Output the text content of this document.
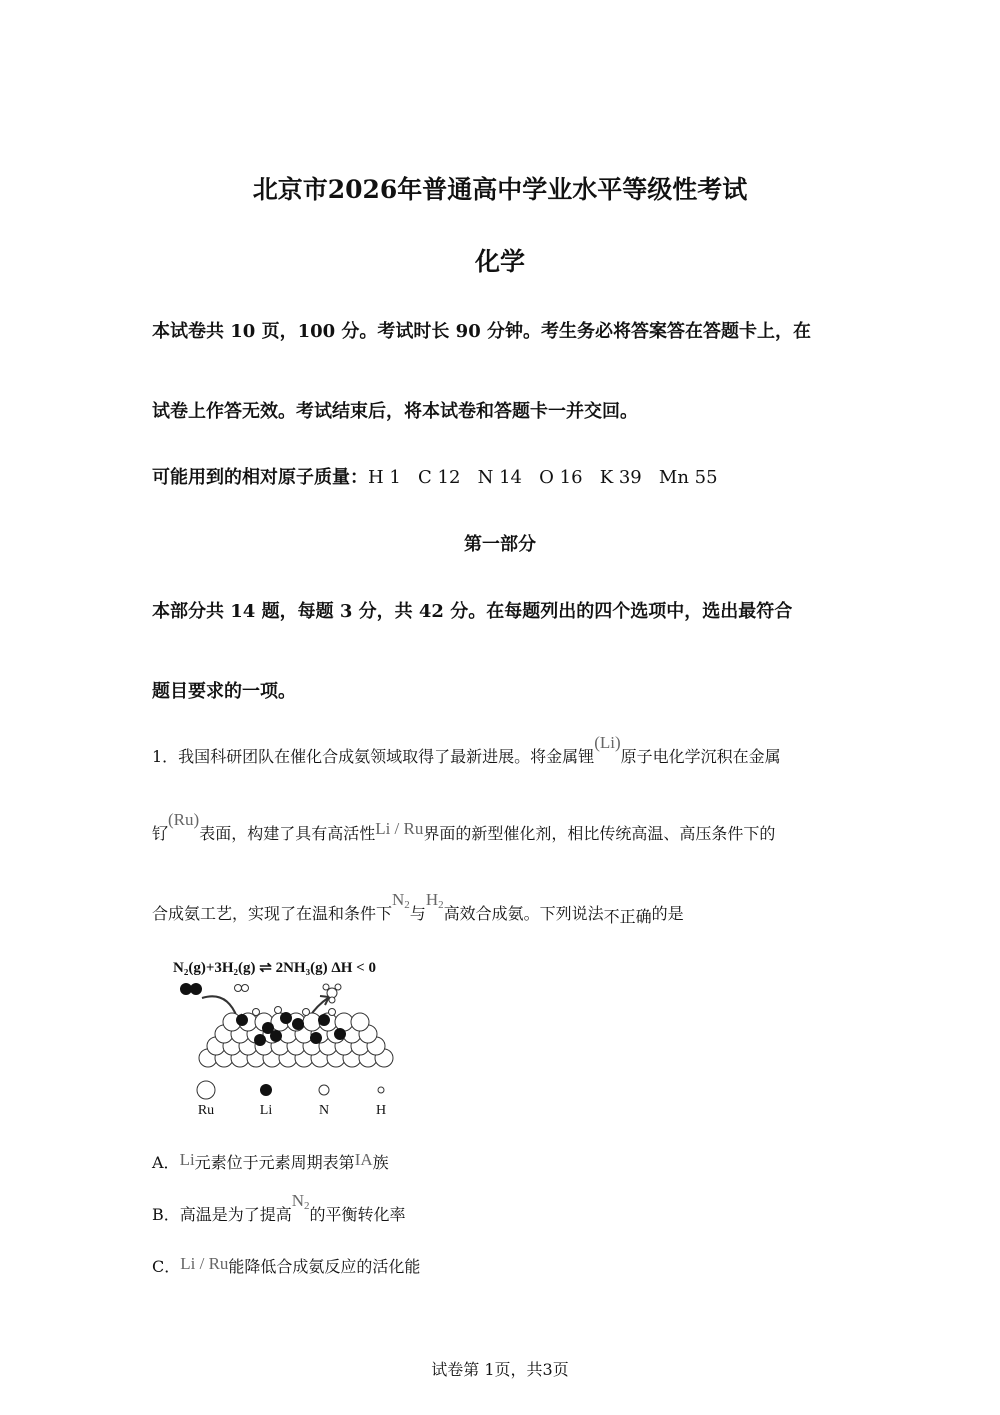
北京市2026年普通高中学业水平等级性考试
化学
本试卷共 10 页，100 分。考试时长 90 分钟。考生务必将答案答在答题卡上，在
试卷上作答无效。考试结束后，将本试卷和答题卡一并交回。
可能用到的相对原子质量：H 1   C 12   N 14   O 16   K 39   Mn 55
第一部分
本部分共 14 题，每题 3 分，共 42 分。在每题列出的四个选项中，选出最符合
题目要求的一项。
1．我国科研团队在催化合成氨领域取得了最新进展。将金属锂(Li)原子电化学沉积在金属
钌(Ru)表面，构建了具有高活性Li / Ru界面的新型催化剂，相比传统高温、高压条件下的
合成氨工艺，实现了在温和条件下$N_2$与$H_2$高效合成氨。下列说法不正确的是
N₂(g)+3H₂(g) ⇌ 2NH₃(g) ΔH < 0
Ru	Li	N	H
A．Li元素位于元素周期表第IA族
B．高温是为了提高$N_2$的平衡转化率
C．Li / Ru能降低合成氨反应的活化能
试卷第 1页，共3页
